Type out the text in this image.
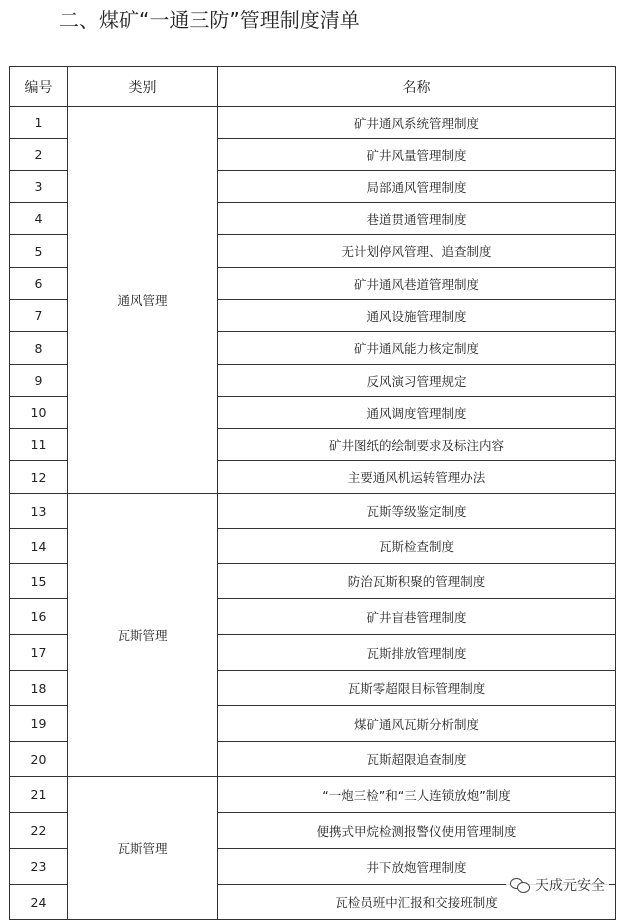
二、煤矿“一通三防”管理制度清单
编号	类别	名称
1	通风管理	矿井通风系统管理制度
2		矿井风量管理制度
3		局部通风管理制度
4		巷道贯通管理制度
5		无计划停风管理、追查制度
6		矿井通风巷道管理制度
7		通风设施管理制度
8		矿井通风能力核定制度
9		反风演习管理规定
10		通风调度管理制度
11		矿井图纸的绘制要求及标注内容
12		主要通风机运转管理办法
13	瓦斯管理	瓦斯等级鉴定制度
14		瓦斯检查制度
15		防治瓦斯积聚的管理制度
16		矿井盲巷管理制度
17		瓦斯排放管理制度
18		瓦斯零超限目标管理制度
19		煤矿通风瓦斯分析制度
20		瓦斯超限追查制度
21	瓦斯管理	“一炮三检”和“三人连锁放炮”制度
22		便携式甲烷检测报警仪使用管理制度
23		井下放炮管理制度
24		瓦检员班中汇报和交接班制度
天成元安全
